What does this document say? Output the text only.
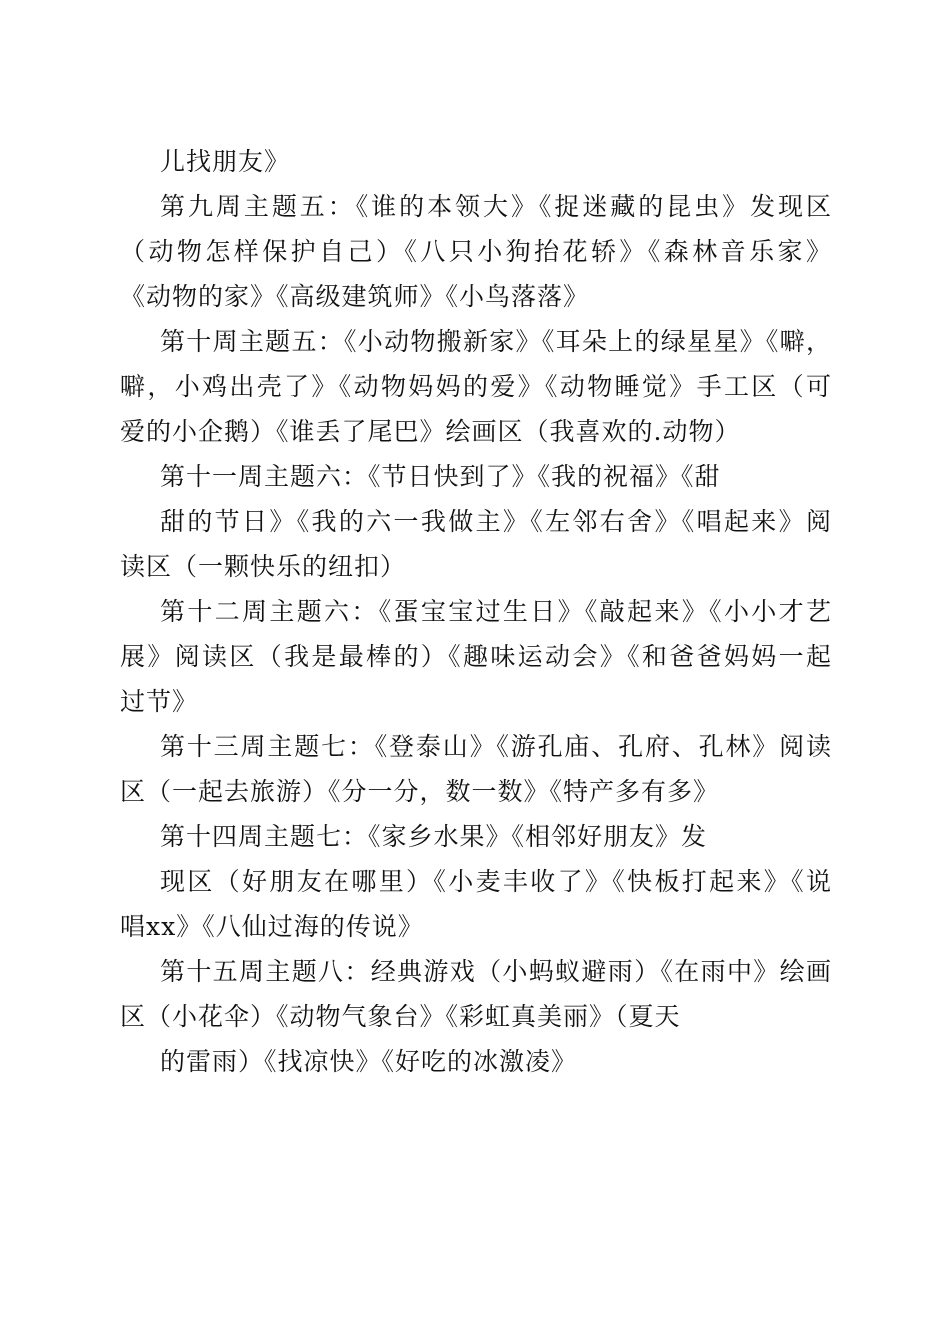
儿找朋友》
第九周主题五：《谁的本领大》《捉迷藏的昆虫》发现区
（动物怎样保护自己）《八只小狗抬花轿》《森林音乐家》
《动物的家》《高级建筑师》《小鸟落落》
第十周主题五：《小动物搬新家》《耳朵上的绿星星》《噼，
噼，小鸡出壳了》《动物妈妈的爱》《动物睡觉》手工区（可
爱的小企鹅）《谁丢了尾巴》绘画区（我喜欢的.动物）
第十一周主题六：《节日快到了》《我的祝福》《甜
甜的节日》《我的六一我做主》《左邻右舍》《唱起来》阅
读区（一颗快乐的纽扣）
第十二周主题六：《蛋宝宝过生日》《敲起来》《小小才艺
展》阅读区（我是最棒的）《趣味运动会》《和爸爸妈妈一起
过节》
第十三周主题七：《登泰山》《游孔庙、孔府、孔林》阅读
区（一起去旅游）《分一分，数一数》《特产多有多》
第十四周主题七：《家乡水果》《相邻好朋友》发
现区（好朋友在哪里）《小麦丰收了》《快板打起来》《说
唱xx》《八仙过海的传说》
第十五周主题八：经典游戏（小蚂蚁避雨）《在雨中》绘画
区（小花伞）《动物气象台》《彩虹真美丽》（夏天
的雷雨）《找凉快》《好吃的冰激凌》
